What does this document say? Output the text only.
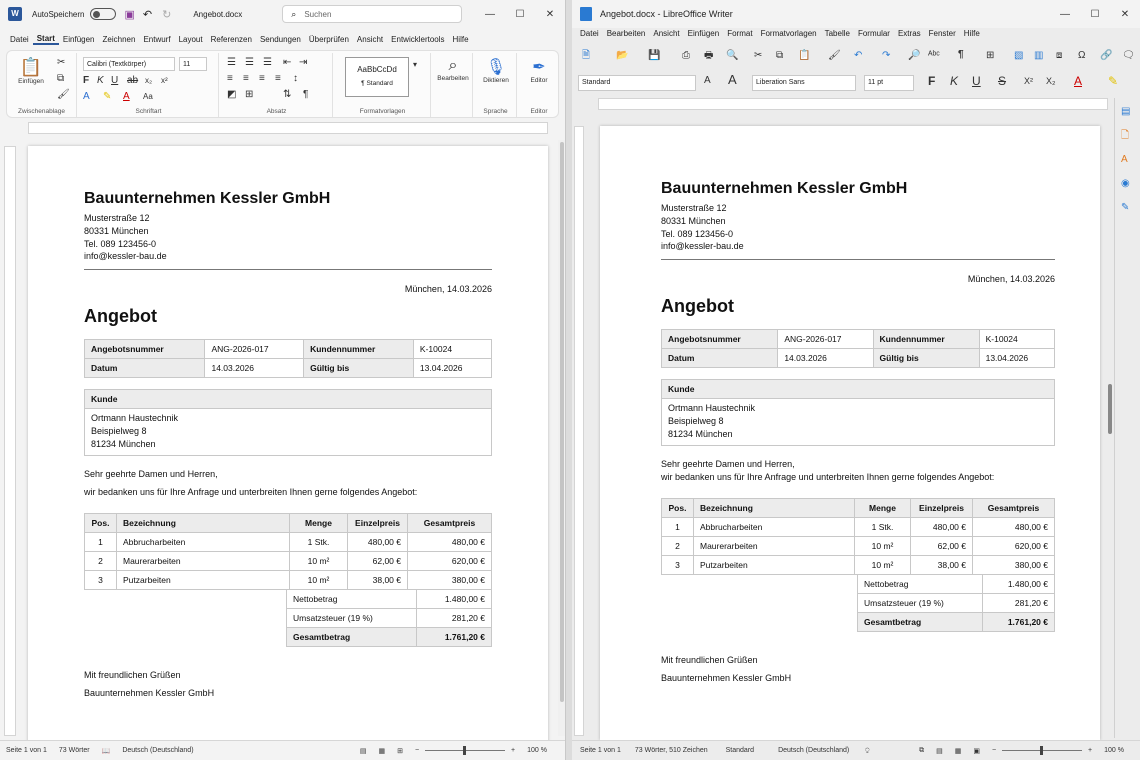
W	AutoSpeichern	▣ ↶ ↻	Angebot.docx	⌕ Suchen	—	☐	✕
Datei	Start	Einfügen	Zeichnen	Entwurf	Layout	Referenzen	Sendungen	Überprüfen	Ansicht	Entwicklertools	Hilfe
📋
Einfügen
✂
⧉
🖌
Zwischenablage
Calibri (Textkörper)	11
F K U ab x₂ x²
A ✎ A Aa
Schriftart
☰ ☰ ☰ ⇤ ⇥
≡ ≡ ≡ ≡ ↕
◩ ⊞	⇅ ¶
Absatz
AaBbCcDd
¶ Standard
▾
Formatvorlagen
⌕
Bearbeiten
🎙
Diktieren
Sprache
✒
Editor
Editor
Bauunternehmen Kessler GmbH
Musterstraße 12
80331 München
Tel. 089 123456-0
info@kessler-bau.de
München, 14.03.2026
Angebot
Angebotsnummer	ANG-2026-017	Kundennummer	K-10024
Datum	14.03.2026	Gültig bis	13.04.2026
Kunde

Ortmann Haustechnik
Beispielweg 8
81234 München
Sehr geehrte Damen und Herren,
wir bedanken uns für Ihre Anfrage und unterbreiten Ihnen gerne folgendes Angebot:
Pos.	Bezeichnung	Menge	Einzelpreis	Gesamtpreis
1	Abbrucharbeiten	1 Stk.	480,00 €	480,00 €
2	Maurerarbeiten	10 m²	62,00 €	620,00 €
3	Putzarbeiten	10 m²	38,00 €	380,00 €
Nettobetrag	1.480,00 €
Umsatzsteuer (19 %)	281,20 €
Gesamtbetrag	1.761,20 €
Mit freundlichen Grüßen
Bauunternehmen Kessler GmbH
Seite 1 von 1	73 Wörter	📖	Deutsch (Deutschland)	▤	▦	⊞	−	+	100 %
Angebot.docx - LibreOffice Writer	—	☐	✕
Datei	Bearbeiten	Ansicht	Einfügen	Format	Formatvorlagen	Tabelle	Formular	Extras	Fenster	Hilfe
🗎	📂 💾 ⎙ 🖶 🔍 ✂ ⧉ 📋 🖌 ↶ ↷ 🔎 ᴬᵇᶜ ¶ ⊞ ▧ ▥ ⧈ Ω 🔗 🗨
Standard	A A	Liberation Sans	11 pt	F K U S X² X₂ A ✎
▤
🗋
A
◉
✎
Bauunternehmen Kessler GmbH
Musterstraße 12
80331 München
Tel. 089 123456-0
info@kessler-bau.de
München, 14.03.2026
Angebot
Angebotsnummer	ANG-2026-017	Kundennummer	K-10024
Datum	14.03.2026	Gültig bis	13.04.2026
Kunde

Ortmann Haustechnik
Beispielweg 8
81234 München
Sehr geehrte Damen und Herren,
wir bedanken uns für Ihre Anfrage und unterbreiten Ihnen gerne folgendes Angebot:
Pos.	Bezeichnung	Menge	Einzelpreis	Gesamtpreis
1	Abbrucharbeiten	1 Stk.	480,00 €	480,00 €
2	Maurerarbeiten	10 m²	62,00 €	620,00 €
3	Putzarbeiten	10 m²	38,00 €	380,00 €
Nettobetrag	1.480,00 €
Umsatzsteuer (19 %)	281,20 €
Gesamtbetrag	1.761,20 €
Mit freundlichen Grüßen
Bauunternehmen Kessler GmbH
Seite 1 von 1	73 Wörter, 510 Zeichen	Standard	Deutsch (Deutschland)	⍜	⧉	▤	▦	▣	−	+	100 %
